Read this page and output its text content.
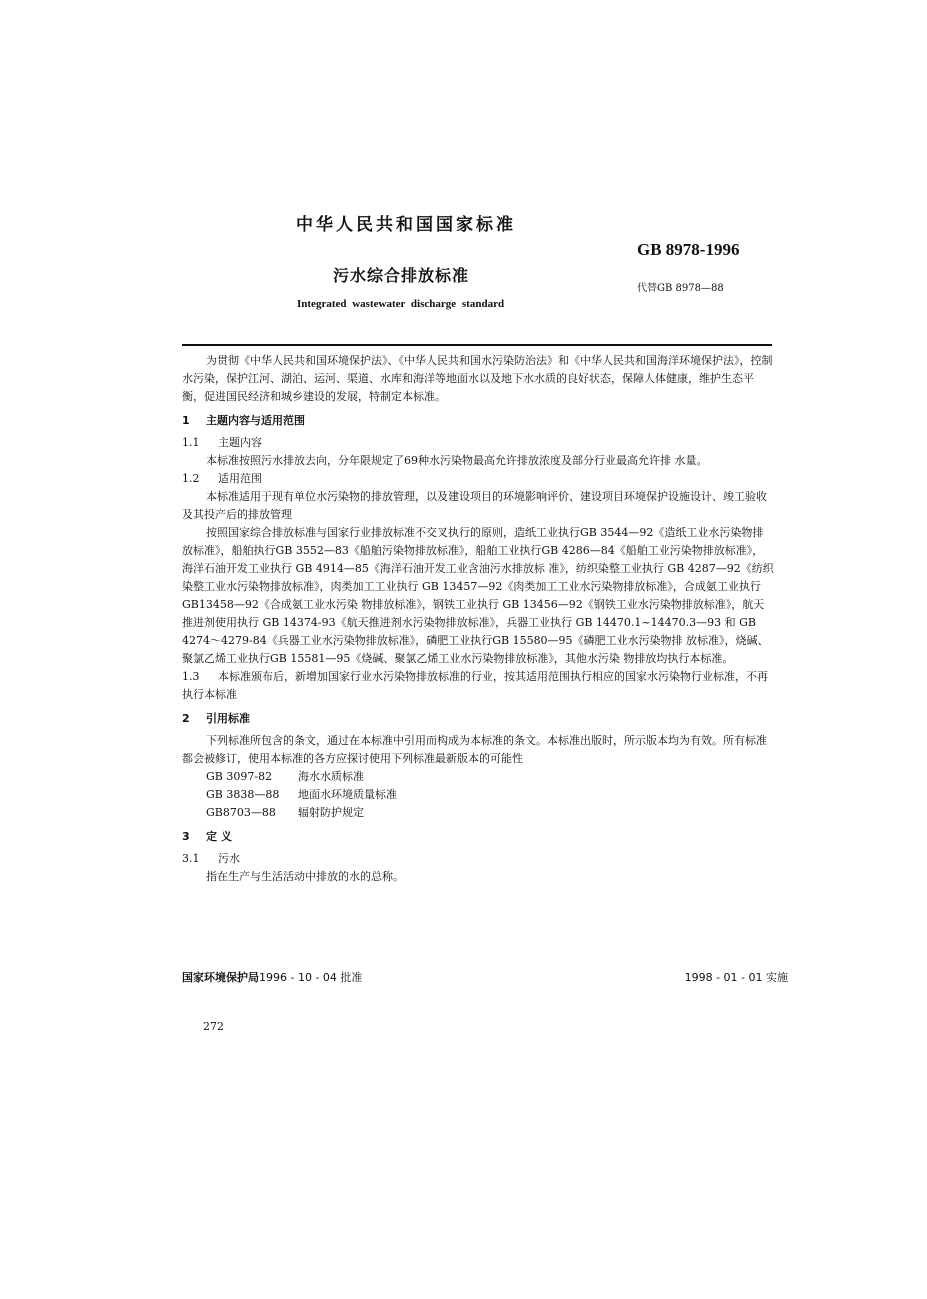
中华人民共和国国家标准
GB 8978-1996
污水综合排放标准
代替GB 8978—88
Integrated wastewater discharge standard

为贯彻《中华人民共和国环境保护法》、《中华人民共和国水污染防治法》和《中华人民共和国海洋环境保护法》，控制水污染，保护江河、湖泊、运河、渠道、水库和海洋等地面水以及地下水水质的良好状态，保障人体健康，维护生态平衡，促进国民经济和城乡建设的发展，特制定本标准。

1 主题内容与适用范围

1.1 主题内容

本标准按照污水排放去向，分年限规定了69种水污染物最高允许排放浓度及部分行业最高允许排 水量。

1.2 适用范围

本标准适用于现有单位水污染物的排放管理，以及建设项目的环境影响评价、建设项目环境保护设施设计、竣工验收及其投产后的排放管理

按照国家综合排放标准与国家行业排放标准不交叉执行的原则，造纸工业执行GB 3544—92《造纸工业水污染物排放标准》，船舶执行GB 3552—83《船舶污染物排放标准》，船舶工业执行GB 4286—84《船舶工业污染物排放标准》，海洋石油开发工业执行 GB 4914—85《海洋石油开发工业含油污水排放标 准》，纺织染整工业执行 GB 4287—92《纺织染整工业水污染物排放标准》，肉类加工工业执行 GB 13457—92《肉类加工工业水污染物排放标准》，合成氨工业执行GB13458—92《合成氨工业水污染 物排放标准》，钢铁工业执行 GB 13456—92《钢铁工业水污染物排放标准》，航天推进剂使用执行 GB 14374-93《航天推进剂水污染物排放标准》，兵器工业执行 GB 14470.1~14470.3—93 和 GB 4274～4279-84《兵器工业水污染物排放标准》，磷肥工业执行GB 15580—95《磷肥工业水污染物排 放标准》，烧碱、聚氯乙烯工业执行GB 15581—95《烧碱、聚氯乙烯工业水污染物排放标准》，其他水污染 物排放均执行本标准。

1.3 本标准颁布后，新增加国家行业水污染物排放标准的行业，按其适用范围执行相应的国家水污染物行业标准，不再执行本标准

2 引用标准

下列标准所包含的条文，通过在本标准中引用而构成为本标准的条文。本标准出版时，所示版本均为有效。所有标准都会被修订，使用本标准的各方应探讨使用下列标准最新版本的可能性

GB 3097-82 海水水质标准

GB 3838—88 地面水环境质量标准

GB8703—88 辐射防护规定

3 定 义

3.1 污水

指在生产与生活活动中排放的水的总称。

国家环境保护局1996 - 10 - 04 批准	1998 - 01 - 01 实施
272
